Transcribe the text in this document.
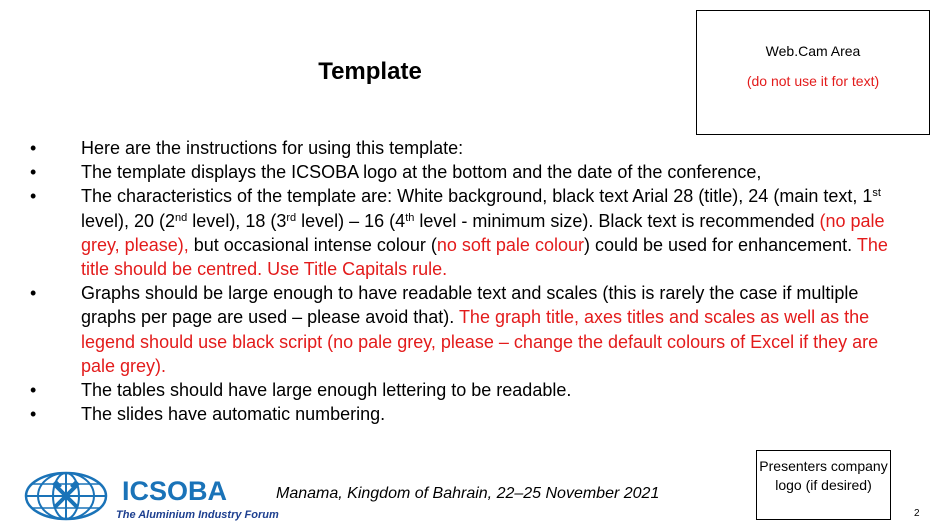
Template
Web.Cam Area
(do not use it for text)
• Here are the instructions for using this template:
• The template displays the ICSOBA logo at the bottom and the date of the conference,
• The characteristics of the template are: White background, black text Arial 28 (title), 24 (main text, 1st level), 20 (2nd level), 18 (3rd level) – 16 (4th level - minimum size). Black text is recommended (no pale grey, please), but occasional intense colour (no soft pale colour) could be used for enhancement. The title should be centred. Use Title Capitals rule.
• Graphs should be large enough to have readable text and scales (this is rarely the case if multiple graphs per page are used – please avoid that). The graph title, axes titles and scales as well as the legend should use black script (no pale grey, please – change the default colours of Excel if they are pale grey).
• The tables should have large enough lettering to be readable.
• The slides have automatic numbering.
ICSOBA
The Aluminium Industry Forum
Manama, Kingdom of Bahrain, 22–25 November 2021
Presenters company logo (if desired)
2
